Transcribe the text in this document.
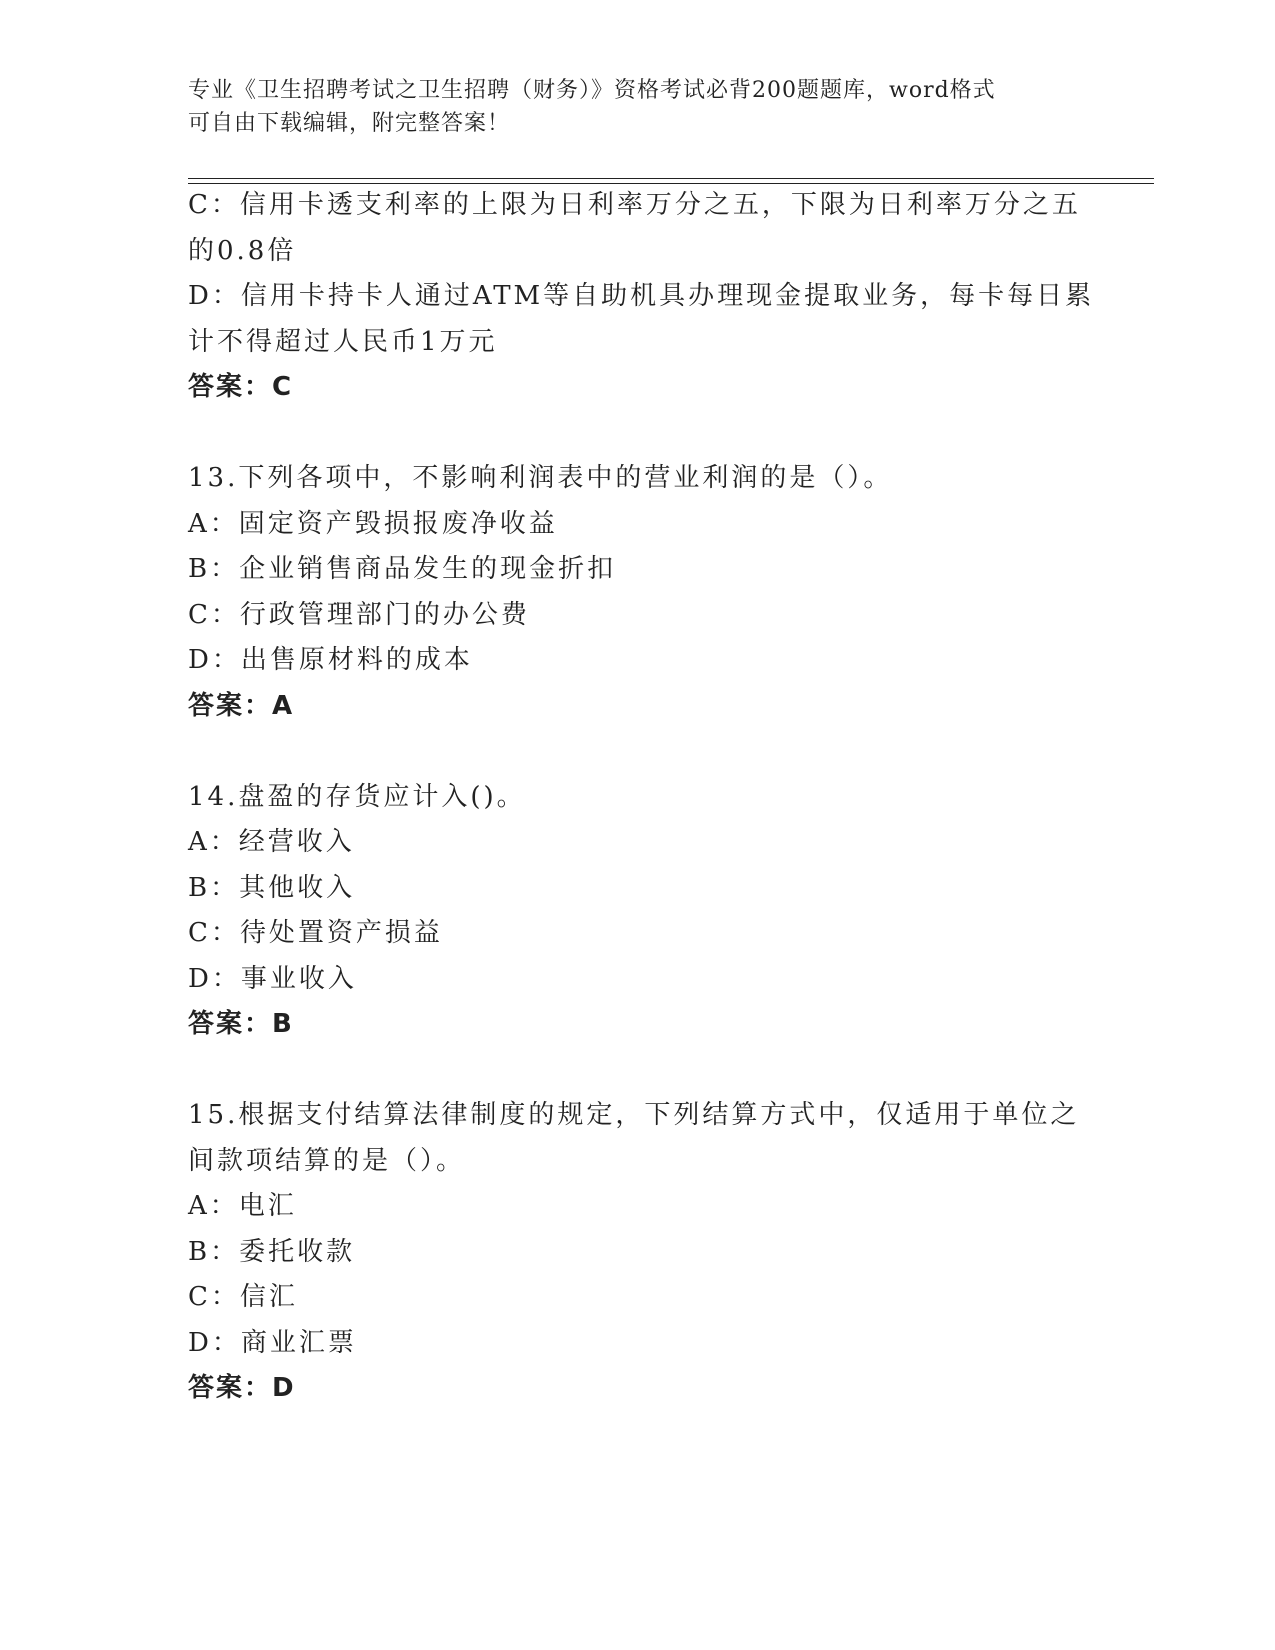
专业《卫生招聘考试之卫生招聘（财务）》资格考试必背200题题库，word格式
可自由下载编辑，附完整答案！
C：信用卡透支利率的上限为日利率万分之五，下限为日利率万分之五
的0.8倍
D：信用卡持卡人通过ATM等自助机具办理现金提取业务，每卡每日累
计不得超过人民币1万元
答案：C
13.下列各项中，不影响利润表中的营业利润的是（）。
A：固定资产毁损报废净收益
B：企业销售商品发生的现金折扣
C：行政管理部门的办公费
D：出售原材料的成本
答案：A
14.盘盈的存货应计入()。
A：经营收入
B：其他收入
C：待处置资产损益
D：事业收入
答案：B
15.根据支付结算法律制度的规定，下列结算方式中，仅适用于单位之
间款项结算的是（）。
A：电汇
B：委托收款
C：信汇
D：商业汇票
答案：D
